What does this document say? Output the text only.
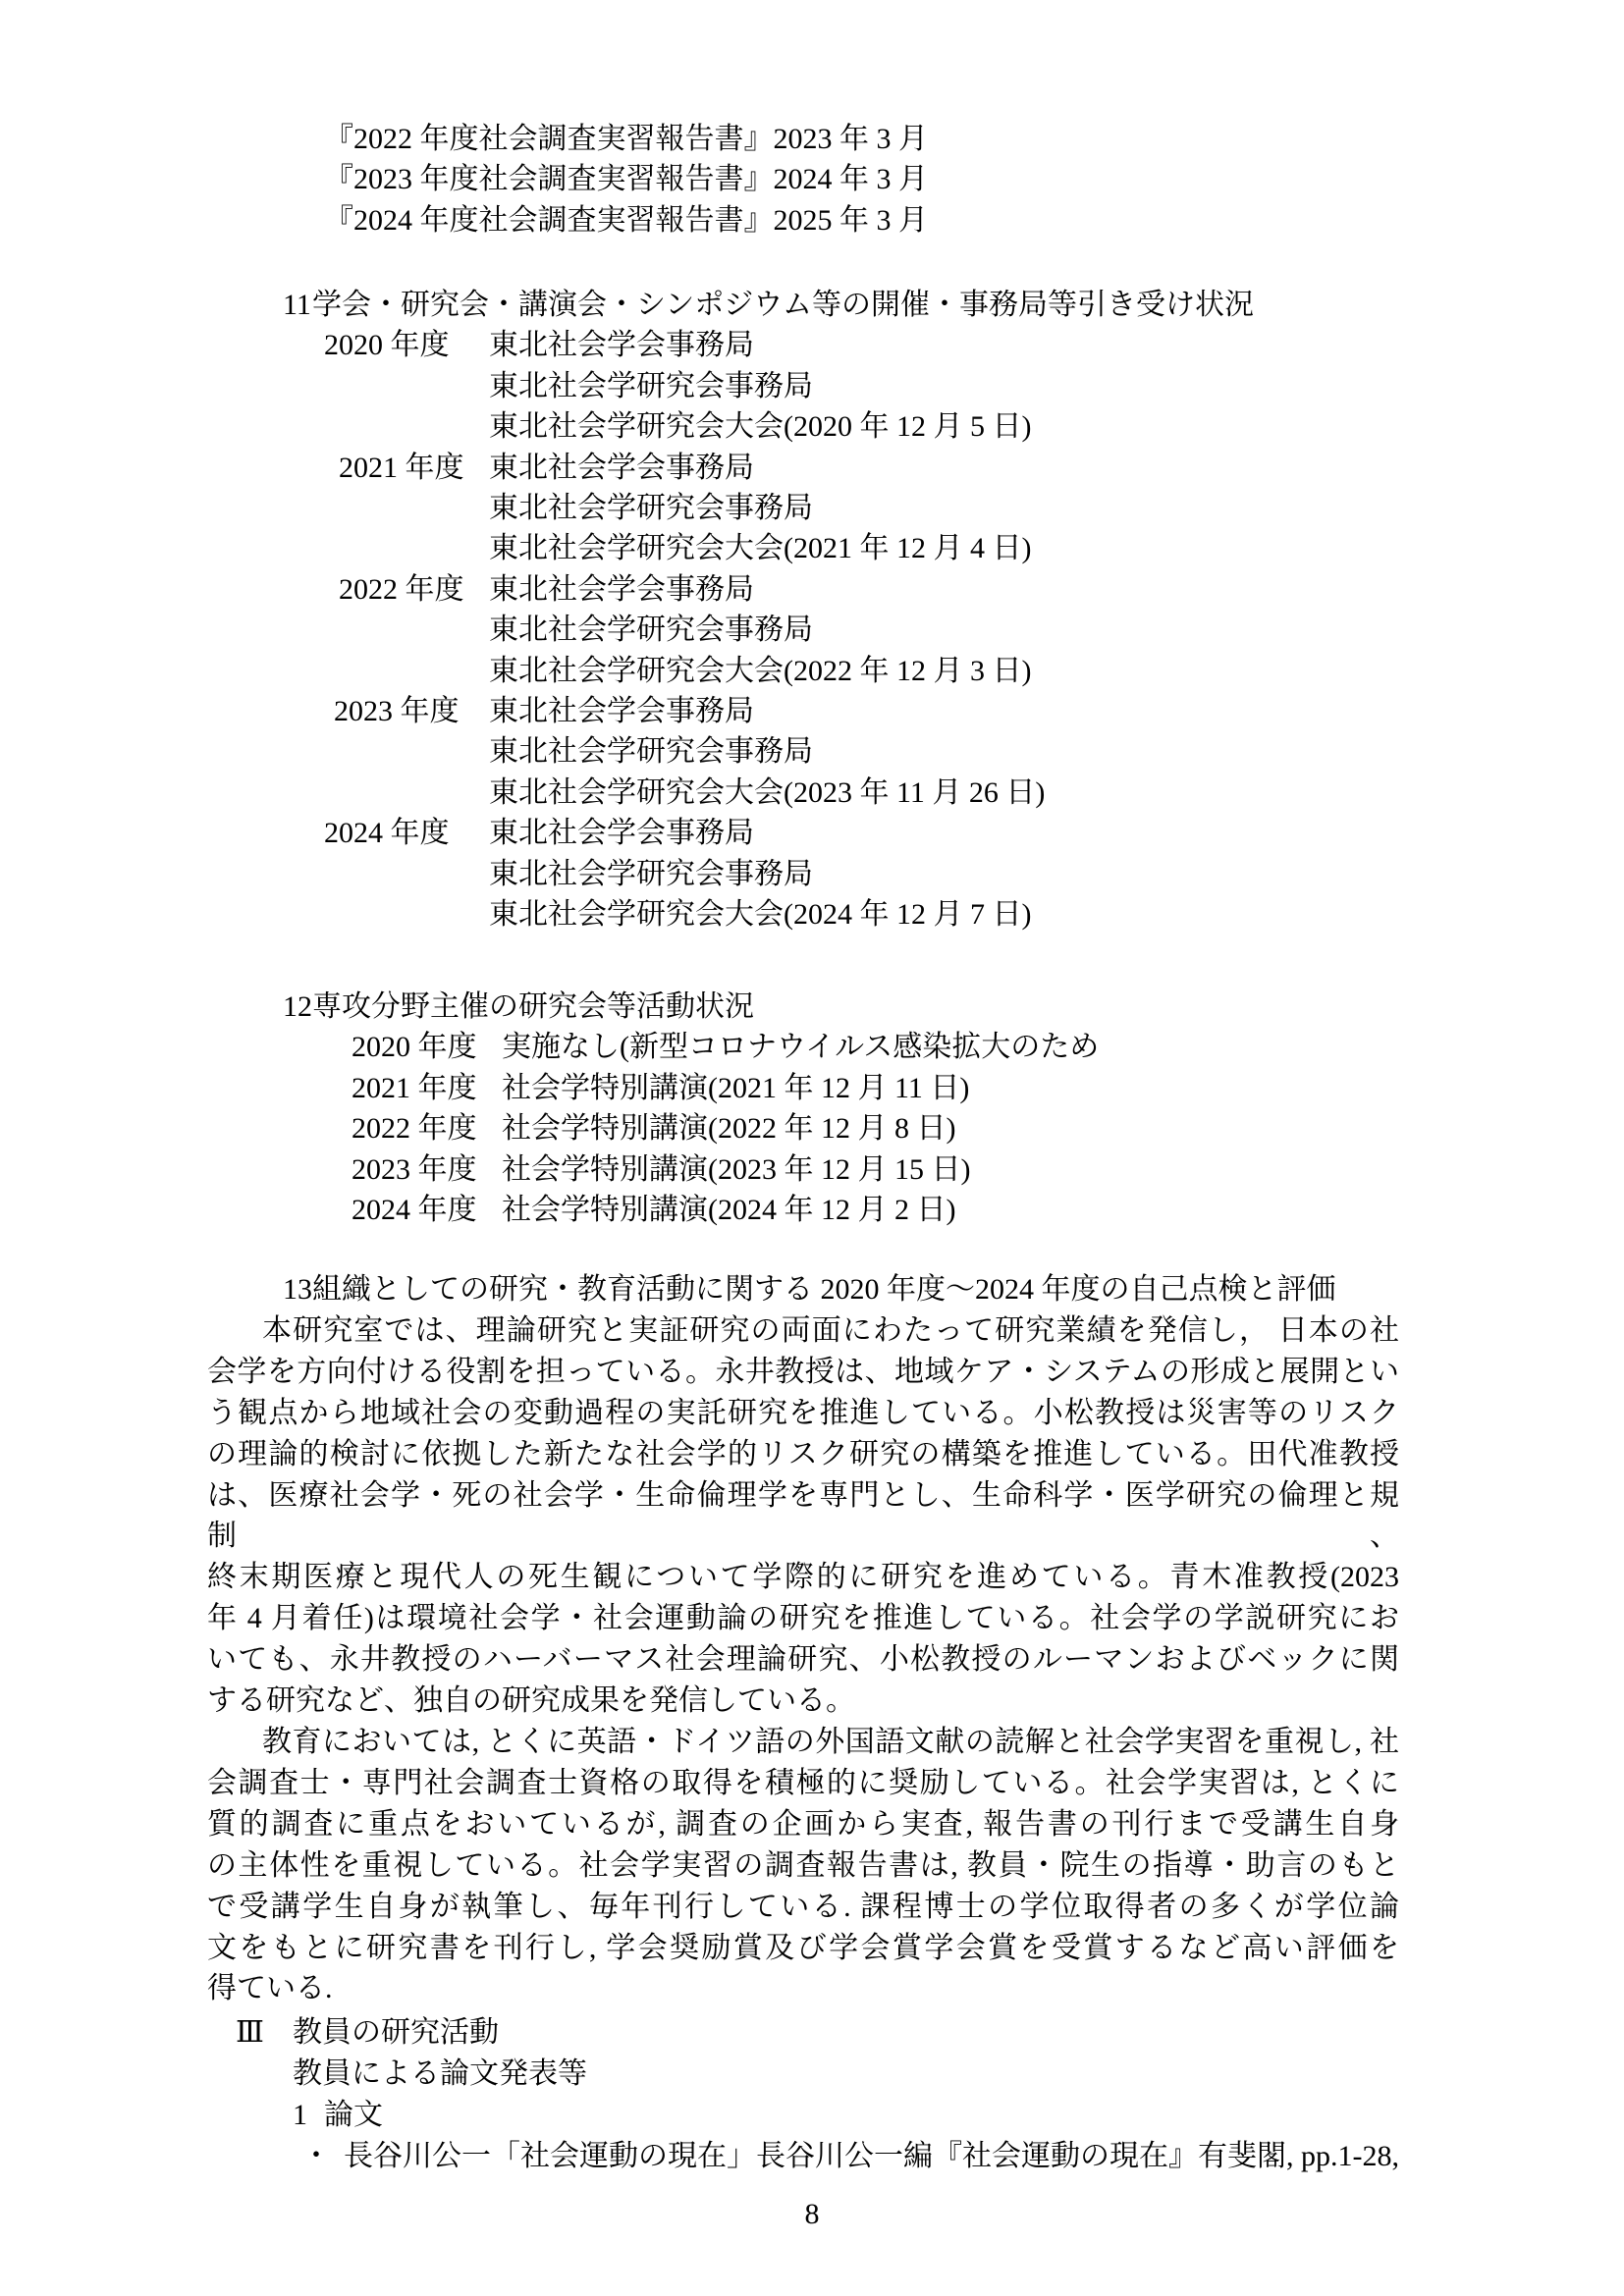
『2022 年度社会調査実習報告書』2023 年 3 月
『2023 年度社会調査実習報告書』2024 年 3 月
『2024 年度社会調査実習報告書』2025 年 3 月
11学会・研究会・講演会・シンポジウム等の開催・事務局等引き受け状況
2020 年度 東北社会学会事務局
東北社会学研究会事務局
東北社会学研究会大会(2020 年 12 月 5 日)
2021 年度 東北社会学会事務局
東北社会学研究会事務局
東北社会学研究会大会(2021 年 12 月 4 日)
2022 年度 東北社会学会事務局
東北社会学研究会事務局
東北社会学研究会大会(2022 年 12 月 3 日)
2023 年度 東北社会学会事務局
東北社会学研究会事務局
東北社会学研究会大会(2023 年 11 月 26 日)
2024 年度 東北社会学会事務局
東北社会学研究会事務局
東北社会学研究会大会(2024 年 12 月 7 日)
12専攻分野主催の研究会等活動状況
2020 年度 実施なし(新型コロナウイルス感染拡大のため
2021 年度 社会学特別講演(2021 年 12 月 11 日)
2022 年度 社会学特別講演(2022 年 12 月 8 日)
2023 年度 社会学特別講演(2023 年 12 月 15 日)
2024 年度 社会学特別講演(2024 年 12 月 2 日)
13組織としての研究・教育活動に関する 2020 年度～2024 年度の自己点検と評価
本研究室では、理論研究と実証研究の両面にわたって研究業績を発信し， 日本の社
会学を方向付ける役割を担っている。永井教授は、地域ケア・システムの形成と展開とい
う観点から地域社会の変動過程の実託研究を推進している。小松教授は災害等のリスク
の理論的検討に依拠した新たな社会学的リスク研究の構築を推進している。田代准教授
は、医療社会学・死の社会学・生命倫理学を専門とし、生命科学・医学研究の倫理と規制、
終末期医療と現代人の死生観について学際的に研究を進めている。青木准教授(2023
年 4 月着任)は環境社会学・社会運動論の研究を推進している。社会学の学説研究にお
いても、永井教授のハーバーマス社会理論研究、小松教授のルーマンおよびベックに関
する研究など、独自の研究成果を発信している。
教育においては, とくに英語・ドイツ語の外国語文献の読解と社会学実習を重視し, 社
会調査士・専門社会調査士資格の取得を積極的に奨励している。社会学実習は, とくに
質的調査に重点をおいているが, 調査の企画から実査, 報告書の刊行まで受講生自身
の主体性を重視している。社会学実習の調査報告書は, 教員・院生の指導・助言のもと
で受講学生自身が執筆し、毎年刊行している. 課程博士の学位取得者の多くが学位論
文をもとに研究書を刊行し, 学会奨励賞及び学会賞学会賞を受賞するなど高い評価を
得ている.
Ⅲ 教員の研究活動
教員による論文発表等
1 論文
・ 長谷川公一「社会運動の現在」長谷川公一編『社会運動の現在』有斐閣, pp.1-28,
8
